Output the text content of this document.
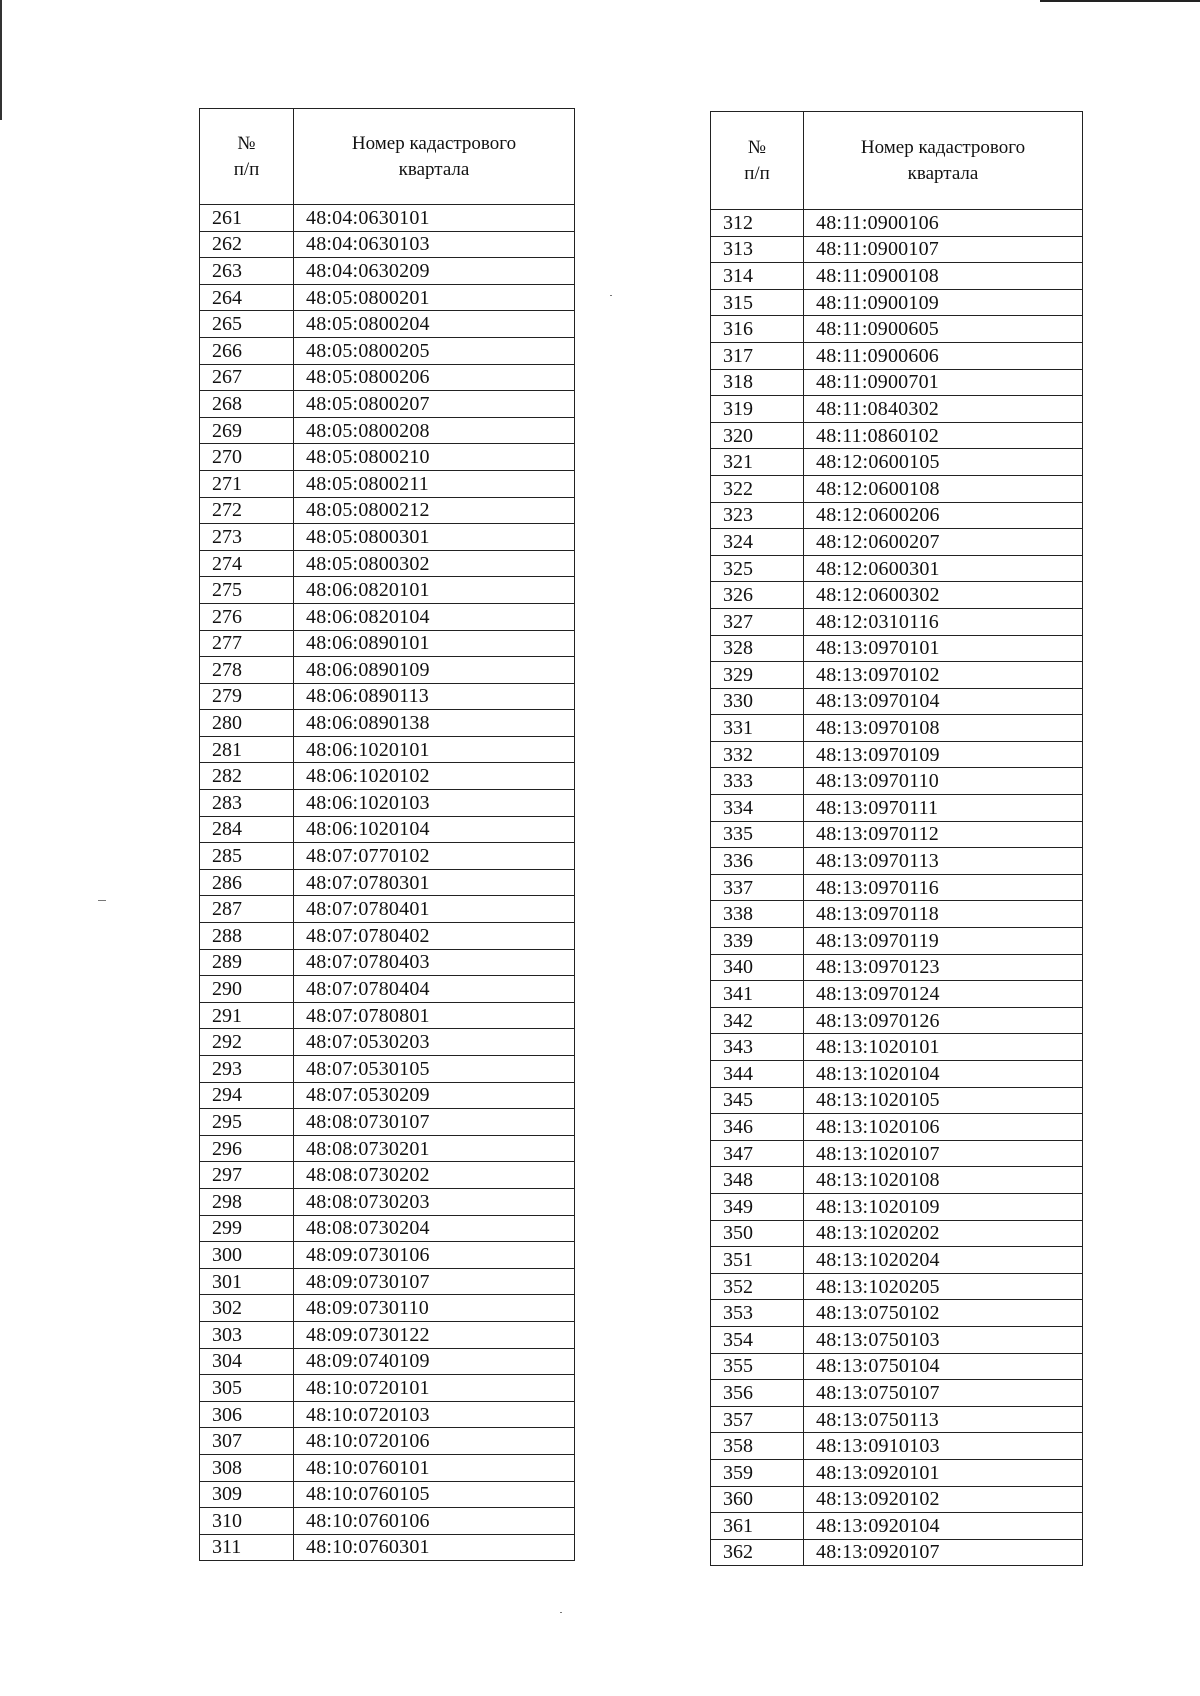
№
п/п	Номер кадастрового
квартала
261	48:04:0630101
262	48:04:0630103
263	48:04:0630209
264	48:05:0800201
265	48:05:0800204
266	48:05:0800205
267	48:05:0800206
268	48:05:0800207
269	48:05:0800208
270	48:05:0800210
271	48:05:0800211
272	48:05:0800212
273	48:05:0800301
274	48:05:0800302
275	48:06:0820101
276	48:06:0820104
277	48:06:0890101
278	48:06:0890109
279	48:06:0890113
280	48:06:0890138
281	48:06:1020101
282	48:06:1020102
283	48:06:1020103
284	48:06:1020104
285	48:07:0770102
286	48:07:0780301
287	48:07:0780401
288	48:07:0780402
289	48:07:0780403
290	48:07:0780404
291	48:07:0780801
292	48:07:0530203
293	48:07:0530105
294	48:07:0530209
295	48:08:0730107
296	48:08:0730201
297	48:08:0730202
298	48:08:0730203
299	48:08:0730204
300	48:09:0730106
301	48:09:0730107
302	48:09:0730110
303	48:09:0730122
304	48:09:0740109
305	48:10:0720101
306	48:10:0720103
307	48:10:0720106
308	48:10:0760101
309	48:10:0760105
310	48:10:0760106
311	48:10:0760301
№
п/п	Номер кадастрового
квартала
312	48:11:0900106
313	48:11:0900107
314	48:11:0900108
315	48:11:0900109
316	48:11:0900605
317	48:11:0900606
318	48:11:0900701
319	48:11:0840302
320	48:11:0860102
321	48:12:0600105
322	48:12:0600108
323	48:12:0600206
324	48:12:0600207
325	48:12:0600301
326	48:12:0600302
327	48:12:0310116
328	48:13:0970101
329	48:13:0970102
330	48:13:0970104
331	48:13:0970108
332	48:13:0970109
333	48:13:0970110
334	48:13:0970111
335	48:13:0970112
336	48:13:0970113
337	48:13:0970116
338	48:13:0970118
339	48:13:0970119
340	48:13:0970123
341	48:13:0970124
342	48:13:0970126
343	48:13:1020101
344	48:13:1020104
345	48:13:1020105
346	48:13:1020106
347	48:13:1020107
348	48:13:1020108
349	48:13:1020109
350	48:13:1020202
351	48:13:1020204
352	48:13:1020205
353	48:13:0750102
354	48:13:0750103
355	48:13:0750104
356	48:13:0750107
357	48:13:0750113
358	48:13:0910103
359	48:13:0920101
360	48:13:0920102
361	48:13:0920104
362	48:13:0920107
